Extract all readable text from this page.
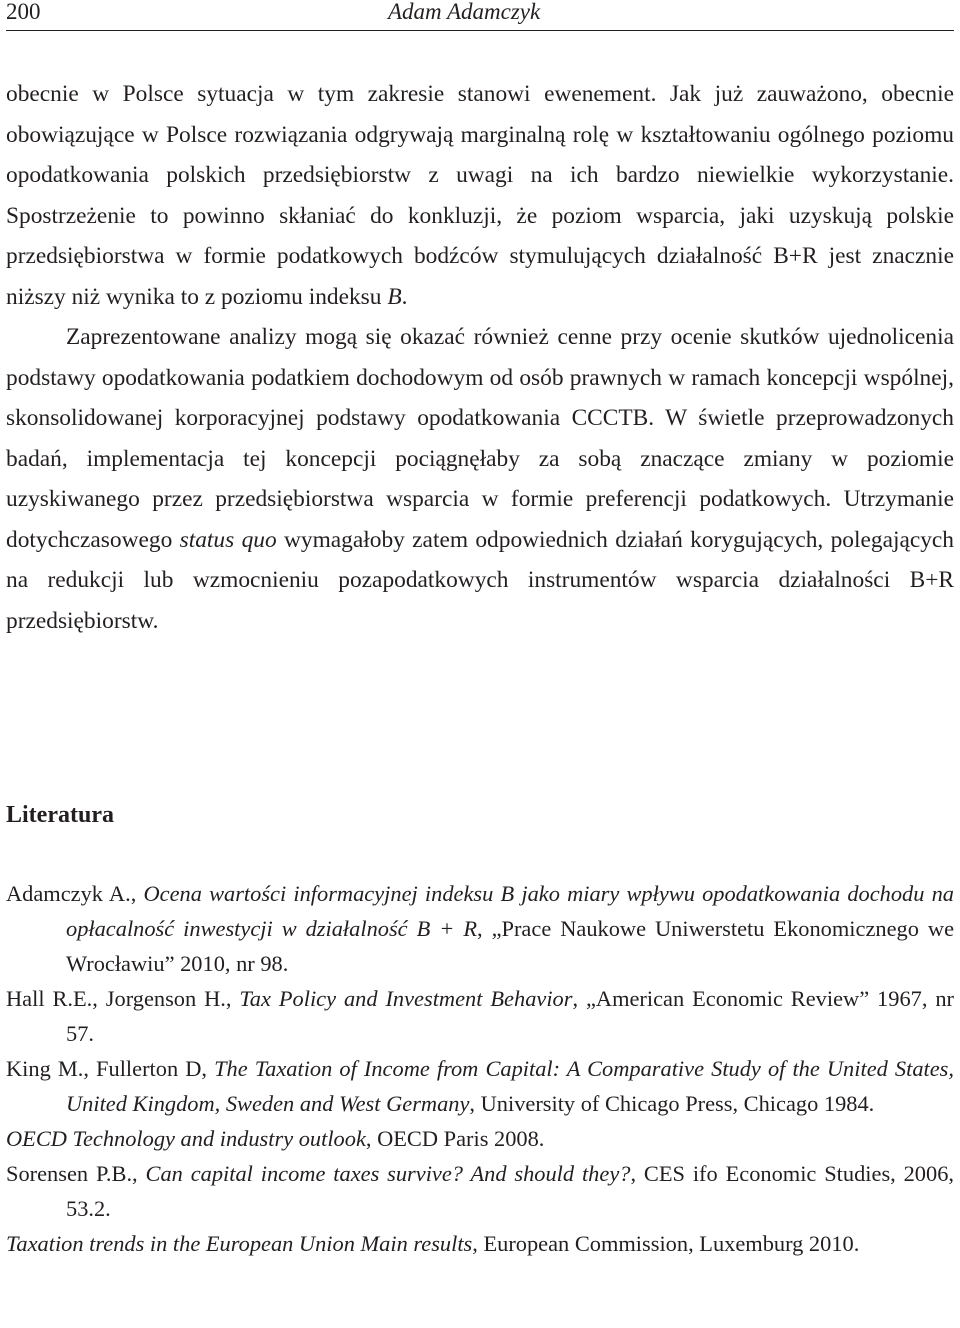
200	Adam Adamczyk

obecnie w Polsce sytuacja w tym zakresie stanowi ewenement. Jak już zauważono, obecnie obowiązujące w Polsce rozwiązania odgrywają marginalną rolę w kształtowaniu ogólnego poziomu opodatkowania polskich przedsiębiorstw z uwagi na ich bardzo niewielkie wykorzystanie. Spostrzeżenie to powinno skłaniać do konkluzji, że poziom wsparcia, jaki uzyskują polskie przedsiębiorstwa w formie podatkowych bodźców stymulujących działalność B+R jest znacznie niższy niż wynika to z poziomu indeksu B.

Zaprezentowane analizy mogą się okazać również cenne przy ocenie skutków ujednolicenia podstawy opodatkowania podatkiem dochodowym od osób prawnych w ramach koncepcji wspólnej, skonsolidowanej korporacyjnej podstawy opodatkowania CCCTB. W świetle przeprowadzonych badań, implementacja tej koncepcji pociągnęłaby za sobą znaczące zmiany w poziomie uzyskiwanego przez przedsiębiorstwa wsparcia w formie preferencji podatkowych. Utrzymanie dotychczasowego status quo wymagałoby zatem odpowiednich działań korygujących, polegających na redukcji lub wzmocnieniu pozapodatkowych instrumentów wsparcia działalności B+R przedsiębiorstw.

Literatura

Adamczyk A., Ocena wartości informacyjnej indeksu B jako miary wpływu opodatkowania dochodu na opłacalność inwestycji w działalność B + R, „Prace Naukowe Uniwerstetu Ekonomicznego we Wrocławiu” 2010, nr 98.

Hall R.E., Jorgenson H., Tax Policy and Investment Behavior, „American Economic Review” 1967, nr 57.

King M., Fullerton D, The Taxation of Income from Capital: A Comparative Study of the United States, United Kingdom, Sweden and West Germany, University of Chicago Press, Chicago 1984.

OECD Technology and industry outlook, OECD Paris 2008.

Sorensen P.B., Can capital income taxes survive? And should they?, CES ifo Economic Studies, 2006, 53.2.

Taxation trends in the European Union Main results, European Commission, Luxemburg 2010.
